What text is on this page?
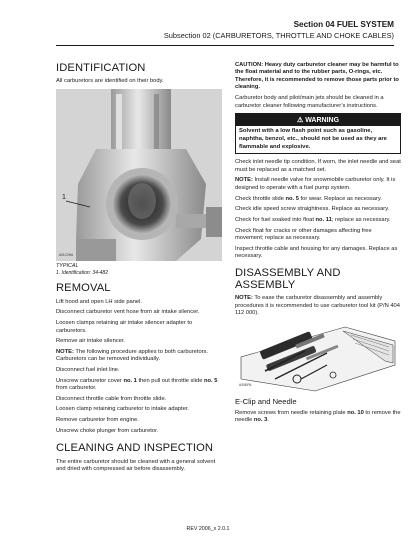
Section 04 FUEL SYSTEM
Subsection 02 (CARBURETORS, THROTTLE AND CHOKE CABLES)
IDENTIFICATION

All carburetors are identified on their body.

1
A01C0HA
TYPICAL
1. Identification: 34-482
REMOVAL

Lift hood and open LH side panel.

Disconnect carburetor vent hose from air intake silencer.

Loosen clamps retaining air intake silencer adapter to carburetors.

Remove air intake silencer.

NOTE: The following procedure applies to both carburetors. Carburetors can be removed individually.

Disconnect fuel inlet line.

Unscrew carburetor cover no. 1 then pull out throttle slide no. 5 from carburetor.

Disconnect throttle cable from throttle slide.

Loosen clamp retaining carburetor to intake adapter.

Remove carburetor from engine.

Unscrew choke plunger from carburetor.

CLEANING AND INSPECTION

The entire carburetor should be cleaned with a general solvent and dried with compressed air before disassembly.

CAUTION: Heavy duty carburetor cleaner may be harmful to the float material and to the rubber parts, O-rings, etc. Therefore, it is recommended to remove those parts prior to cleaning.

Carburetor body and pilot/main jets should be cleaned in a carburetor cleaner following manufacturer’s instructions.

⚠ WARNING
Solvent with a low flash point such as gasoline, naphtha, benzol, etc., should not be used as they are flammable and explosive.

Check inlet needle tip condition. If worn, the inlet needle and seat must be replaced as a matched set.

NOTE: Install needle valve for snowmobile carburetor only. It is designed to operate with a fuel pump system.

Check throttle slide no. 5 for wear. Replace as necessary.

Check idle speed screw straightness. Replace as necessary.

Check for fuel soaked into float no. 11; replace as necessary.

Check float for cracks or other damages affecting free movement; replace as necessary.

Inspect throttle cable and housing for any damages. Replace as necessary.

DISASSEMBLY AND ASSEMBLY

NOTE: To ease the carburetor disassembly and assembly procedures it is recommended to use carburetor tool kit (P/N 404 112 000).

A00I0PA
E-Clip and Needle

Remove screws from needle retaining plate no. 10 to remove the needle no. 3.

REV 2006_x 2.0.1
